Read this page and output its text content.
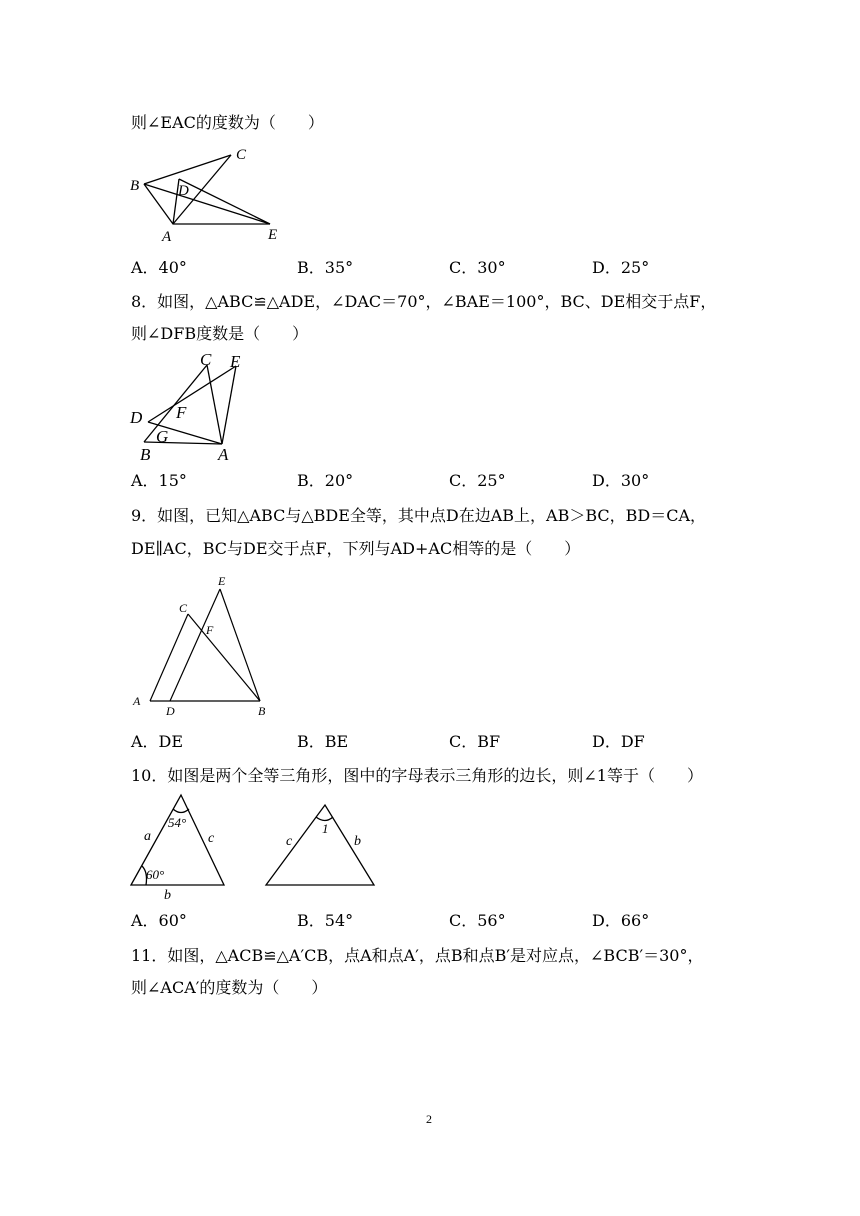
则∠EAC的度数为（　　）
B
C
D
A	E
A．40°	B．35°	C．30°	D．25°
8．如图，△ABC≌△ADE，∠DAC＝70°，∠BAE＝100°，BC、DE相交于点F，
则∠DFB度数是（　　）
C E
D F
G
B	A
A．15°	B．20°	C．25°	D．30°
9．如图，已知△ABC与△BDE全等，其中点D在边AB上，AB＞BC，BD＝CA，
DE∥AC，BC与DE交于点F，下列与AD+AC相等的是（　　）
E
C
F
A
D	B
A．DE	B．BE	C．BF	D．DF
10．如图是两个全等三角形，图中的字母表示三角形的边长，则∠1等于（　　）
54°
60°
a	c
b
1
c	b
A．60°	B．54°	C．56°	D．66°
11．如图，△ACB≌△A′CB，点A和点A′，点B和点B′是对应点，∠BCB′＝30°，
则∠ACA′的度数为（　　）
2
